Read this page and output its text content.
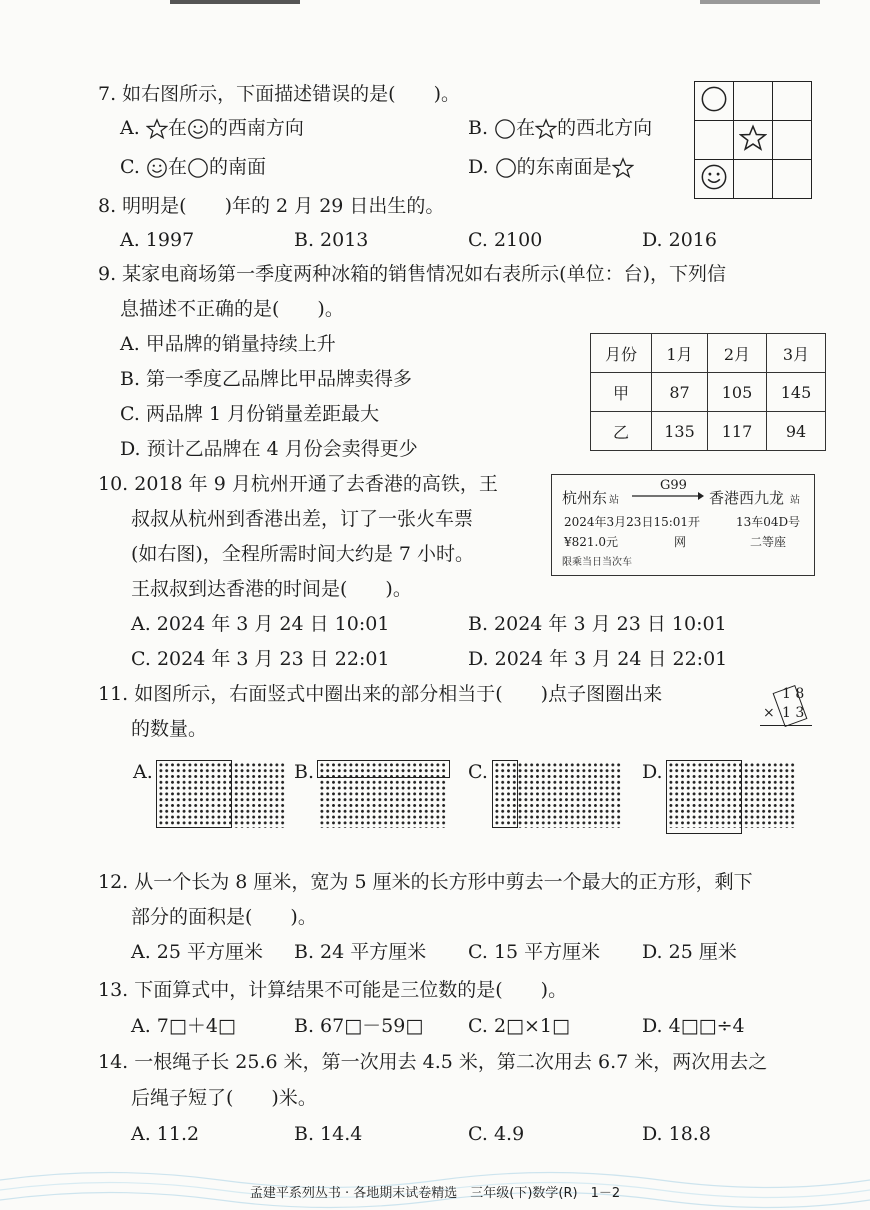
7. 如右图所示，下面描述错误的是(　　)。
A. 在 的西南方向	B. 在 的西北方向
C. 在 的南面	D. 的东南面是

8. 明明是(　　)年的 2 月 29 日出生的。
A. 1997	B. 2013	C. 2100	D. 2016
9. 某家电商场第一季度两种冰箱的销售情况如右表所示(单位：台)，下列信
息描述不正确的是(　　)。
A. 甲品牌的销量持续上升
B. 第一季度乙品牌比甲品牌卖得多
C. 两品牌 1 月份销量差距最大
D. 预计乙品牌在 4 月份会卖得更少
月份	1月	2月	3月
甲	87	105	145
乙	135	117	94
10. 2018 年 9 月杭州开通了去香港的高铁，王
叔叔从杭州到香港出差，订了一张火车票
(如右图)，全程所需时间大约是 7 小时。
王叔叔到达香港的时间是(　　)。
杭州东 站
G99
香港西九龙 站
2024年3月23日15:01开	13车04D号
¥821.0元	网	二等座
限乘当日当次车
A. 2024 年 3 月 24 日 10:01	B. 2024 年 3 月 23 日 10:01
C. 2024 年 3 月 23 日 22:01	D. 2024 年 3 月 24 日 22:01
11. 如图所示，右面竖式中圈出来的部分相当于(　　)点子图圈出来
的数量。
1 8
× 1 3
A.	B.	C.	D.
12. 从一个长为 8 厘米，宽为 5 厘米的长方形中剪去一个最大的正方形，剩下
部分的面积是(　　)。
A. 25 平方厘米 B. 24 平方厘米 C. 15 平方厘米 D. 25 厘米
13. 下面算式中，计算结果不可能是三位数的是(　　)。
A. 7□＋4□	B. 67□－59□ C. 2□×1□	D. 4□□÷4
14. 一根绳子长 25.6 米，第一次用去 4.5 米，第二次用去 6.7 米，两次用去之
后绳子短了(　　)米。
A. 11.2	B. 14.4	C. 4.9	D. 18.8
孟建平系列丛书 · 各地期末试卷精选　三年级(下)数学(R)　1－2
